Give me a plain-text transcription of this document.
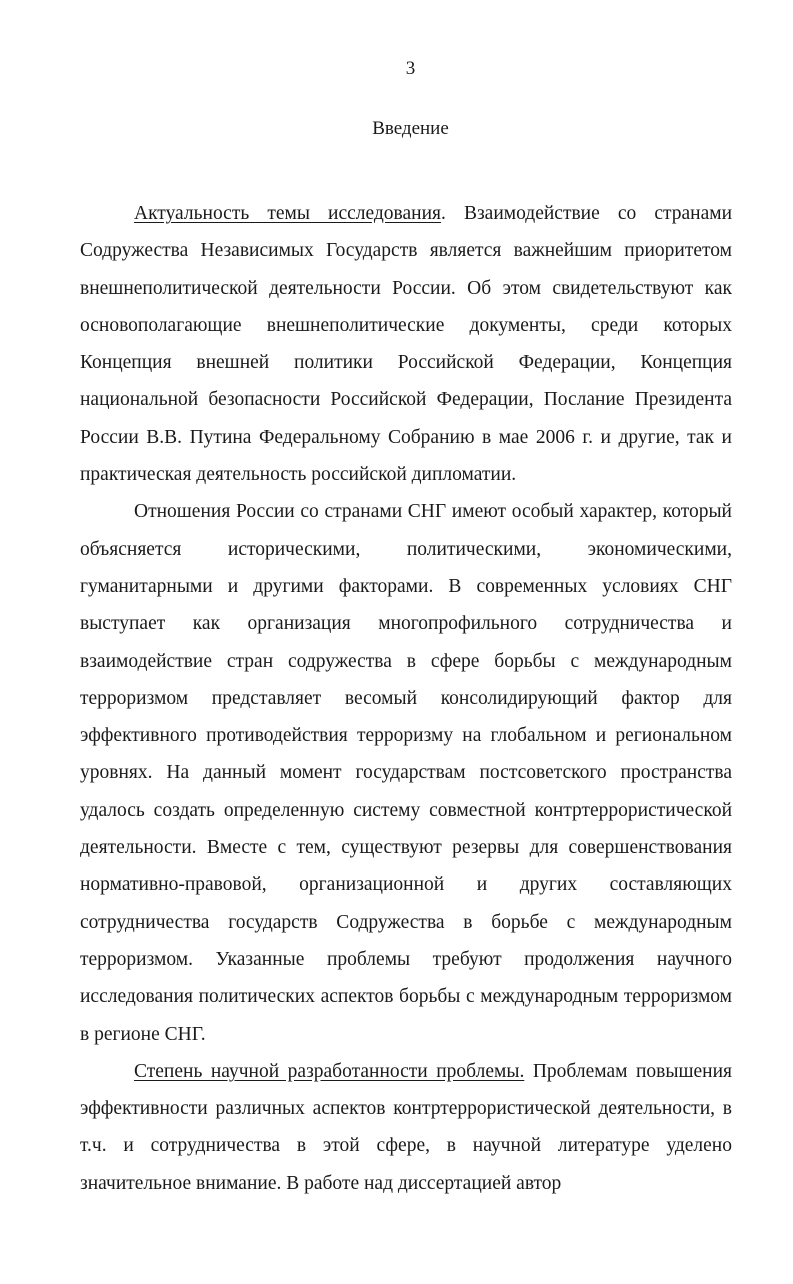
3
Введение

Актуальность темы исследования. Взаимодействие со странами Содружества Независимых Государств является важнейшим приоритетом внешнеполитической деятельности России. Об этом свидетельствуют как основополагающие внешнеполитические документы, среди которых Концепция внешней политики Российской Федерации, Концепция национальной безопасности Российской Федерации, Послание Президента России В.В. Путина Федеральному Собранию в мае 2006 г. и другие, так и практическая деятельность российской дипломатии.

Отношения России со странами СНГ имеют особый характер, который объясняется историческими, политическими, экономическими, гуманитарными и другими факторами. В современных условиях СНГ выступает как организация многопрофильного сотрудничества и взаимодействие стран содружества в сфере борьбы с международным терроризмом представляет весомый консолидирующий фактор для эффективного противодействия терроризму на глобальном и региональном уровнях. На данный момент государствам постсоветского пространства удалось создать определенную систему совместной контртеррористической деятельности. Вместе с тем, существуют резервы для совершенствования нормативно-правовой, организационной и других составляющих сотрудничества государств Содружества в борьбе с международным терроризмом. Указанные проблемы требуют продолжения научного исследования политических аспектов борьбы с международным терроризмом в регионе СНГ.

Степень научной разработанности проблемы. Проблемам повышения эффективности различных аспектов контртеррористической деятельности, в т.ч. и сотрудничества в этой сфере, в научной литературе уделено значительное внимание. В работе над диссертацией автор
